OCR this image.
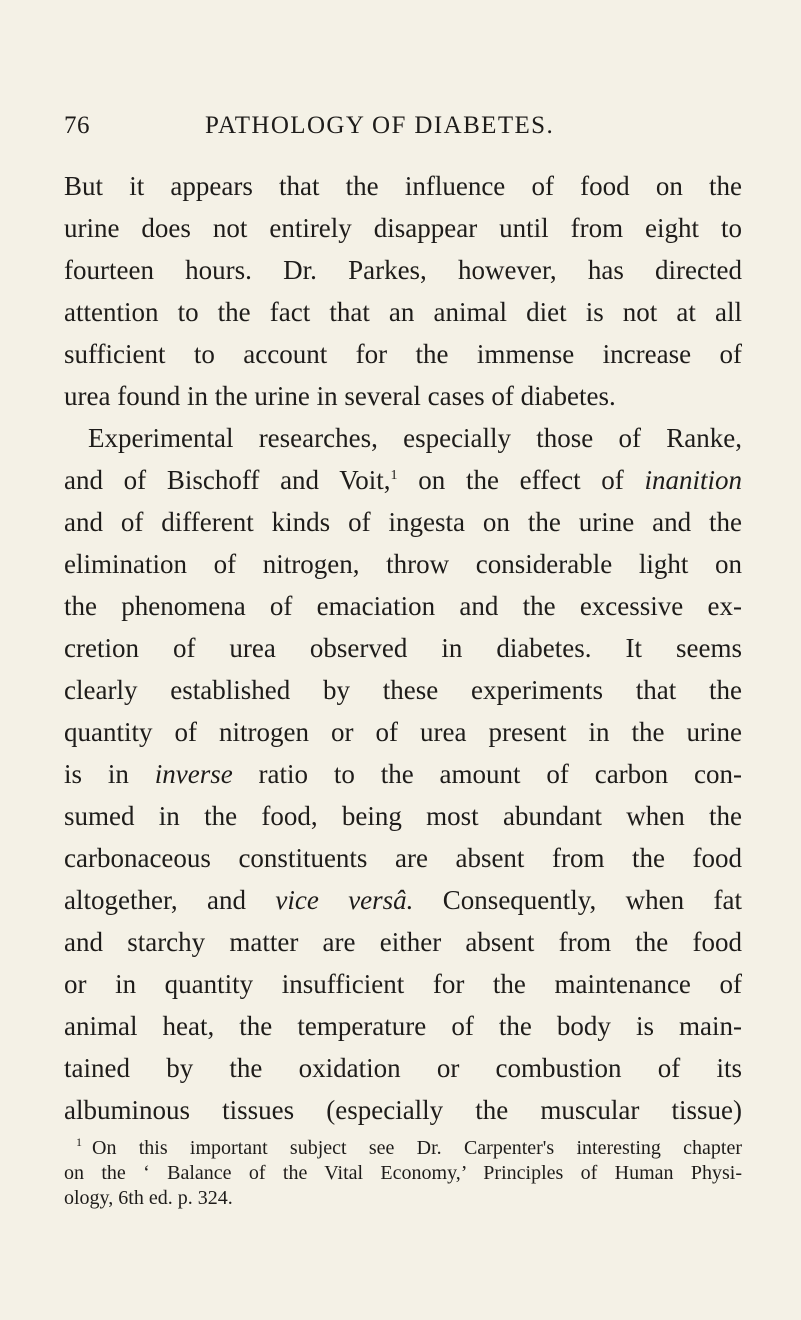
76	PATHOLOGY OF DIABETES.
But it appears that the influence of food on the
urine does not entirely disappear until from eight to
fourteen hours. Dr. Parkes, however, has directed
attention to the fact that an animal diet is not at all
sufficient to account for the immense increase of
urea found in the urine in several cases of diabetes.
Experimental researches, especially those of Ranke,
and of Bischoff and Voit,$^1$ on the effect of inanition
and of different kinds of ingesta on the urine and the
elimination of nitrogen, throw considerable light on
the phenomena of emaciation and the excessive ex-
cretion of urea observed in diabetes. It seems
clearly established by these experiments that the
quantity of nitrogen or of urea present in the urine
is in inverse ratio to the amount of carbon con-
sumed in the food, being most abundant when the
carbonaceous constituents are absent from the food
altogether, and vice versâ. Consequently, when fat
and starchy matter are either absent from the food
or in quantity insufficient for the maintenance of
animal heat, the temperature of the body is main-
tained by the oxidation or combustion of its
albuminous tissues (especially the muscular tissue)
$^1$ On this important subject see Dr. Carpenter's interesting chapter
on the ‘ Balance of the Vital Economy,’ Principles of Human Physi-
ology, 6th ed. p. 324.
